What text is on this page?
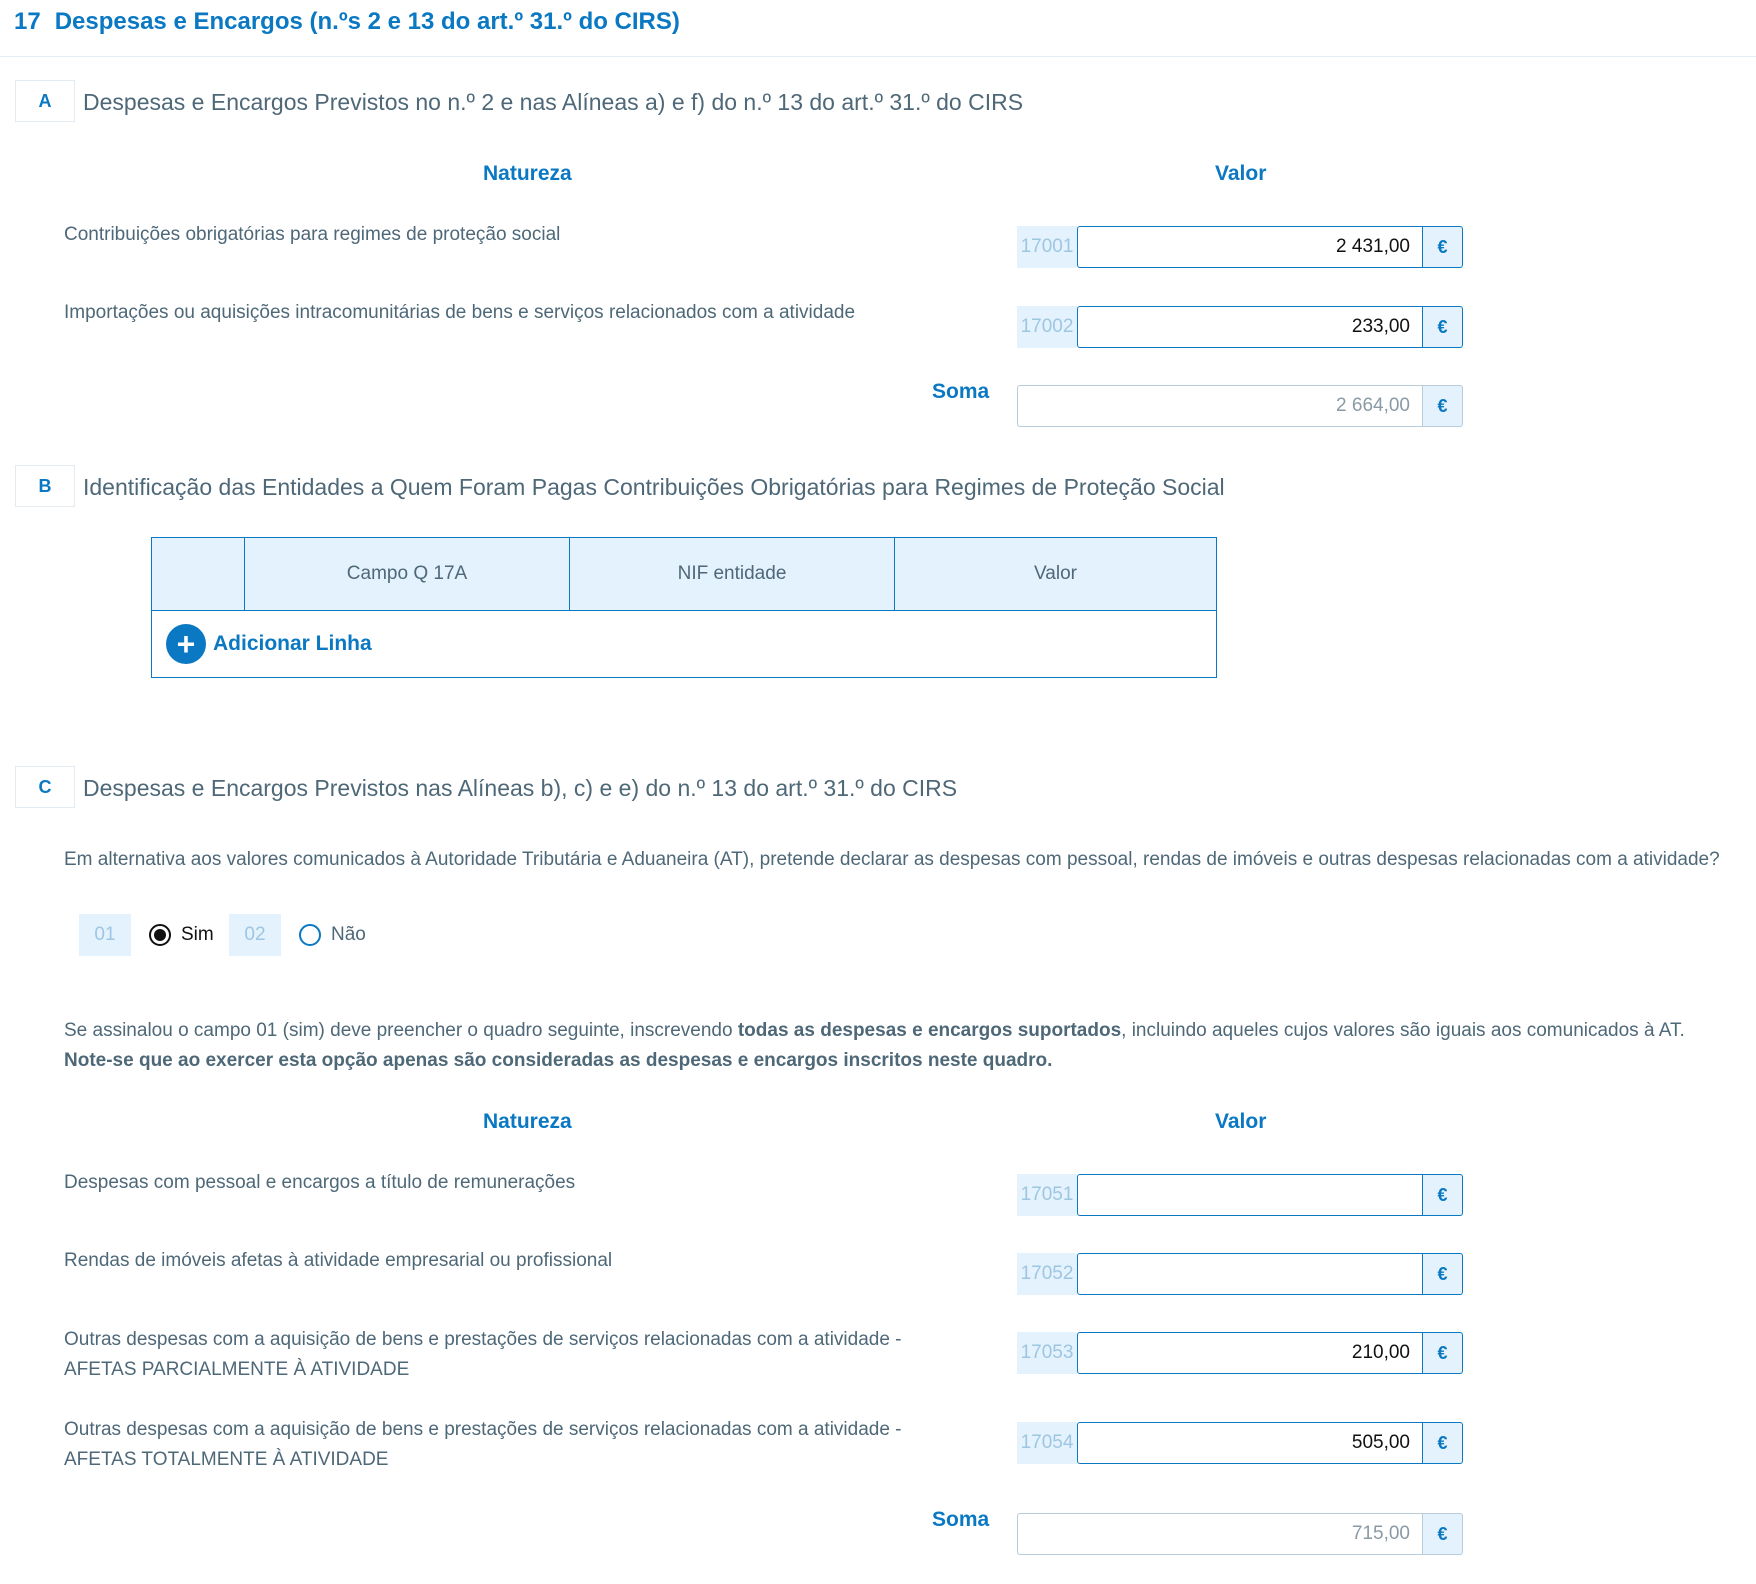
17 Despesas e Encargos (n.ºs 2 e 13 do art.º 31.º do CIRS)
A	Despesas e Encargos Previstos no n.º 2 e nas Alíneas a) e f) do n.º 13 do art.º 31.º do CIRS
Natureza	Valor
Contribuições obrigatórias para regimes de proteção social
17001	2 431,00	€
Importações ou aquisições intracomunitárias de bens e serviços relacionados com a atividade
17002	233,00	€
Soma
2 664,00	€
B	Identificação das Entidades a Quem Foram Pagas Contribuições Obrigatórias para Regimes de Proteção Social
	Campo Q 17A	NIF entidade	Valor

+ Adicionar Linha
C	Despesas e Encargos Previstos nas Alíneas b), c) e e) do n.º 13 do art.º 31.º do CIRS
Em alternativa aos valores comunicados à Autoridade Tributária e Aduaneira (AT), pretende declarar as despesas com pessoal, rendas de imóveis e outras despesas relacionadas com a atividade?
01	Sim	02	Não
Se assinalou o campo 01 (sim) deve preencher o quadro seguinte, inscrevendo todas as despesas e encargos suportados, incluindo aqueles cujos valores são iguais aos comunicados à AT.
Note-se que ao exercer esta opção apenas são consideradas as despesas e encargos inscritos neste quadro.
Natureza	Valor
Despesas com pessoal e encargos a título de remunerações
17051	€
Rendas de imóveis afetas à atividade empresarial ou profissional
17052	€
Outras despesas com a aquisição de bens e prestações de serviços relacionadas com a atividade -
AFETAS PARCIALMENTE À ATIVIDADE
17053	210,00	€
Outras despesas com a aquisição de bens e prestações de serviços relacionadas com a atividade -
AFETAS TOTALMENTE À ATIVIDADE
17054	505,00	€
Soma
715,00	€
